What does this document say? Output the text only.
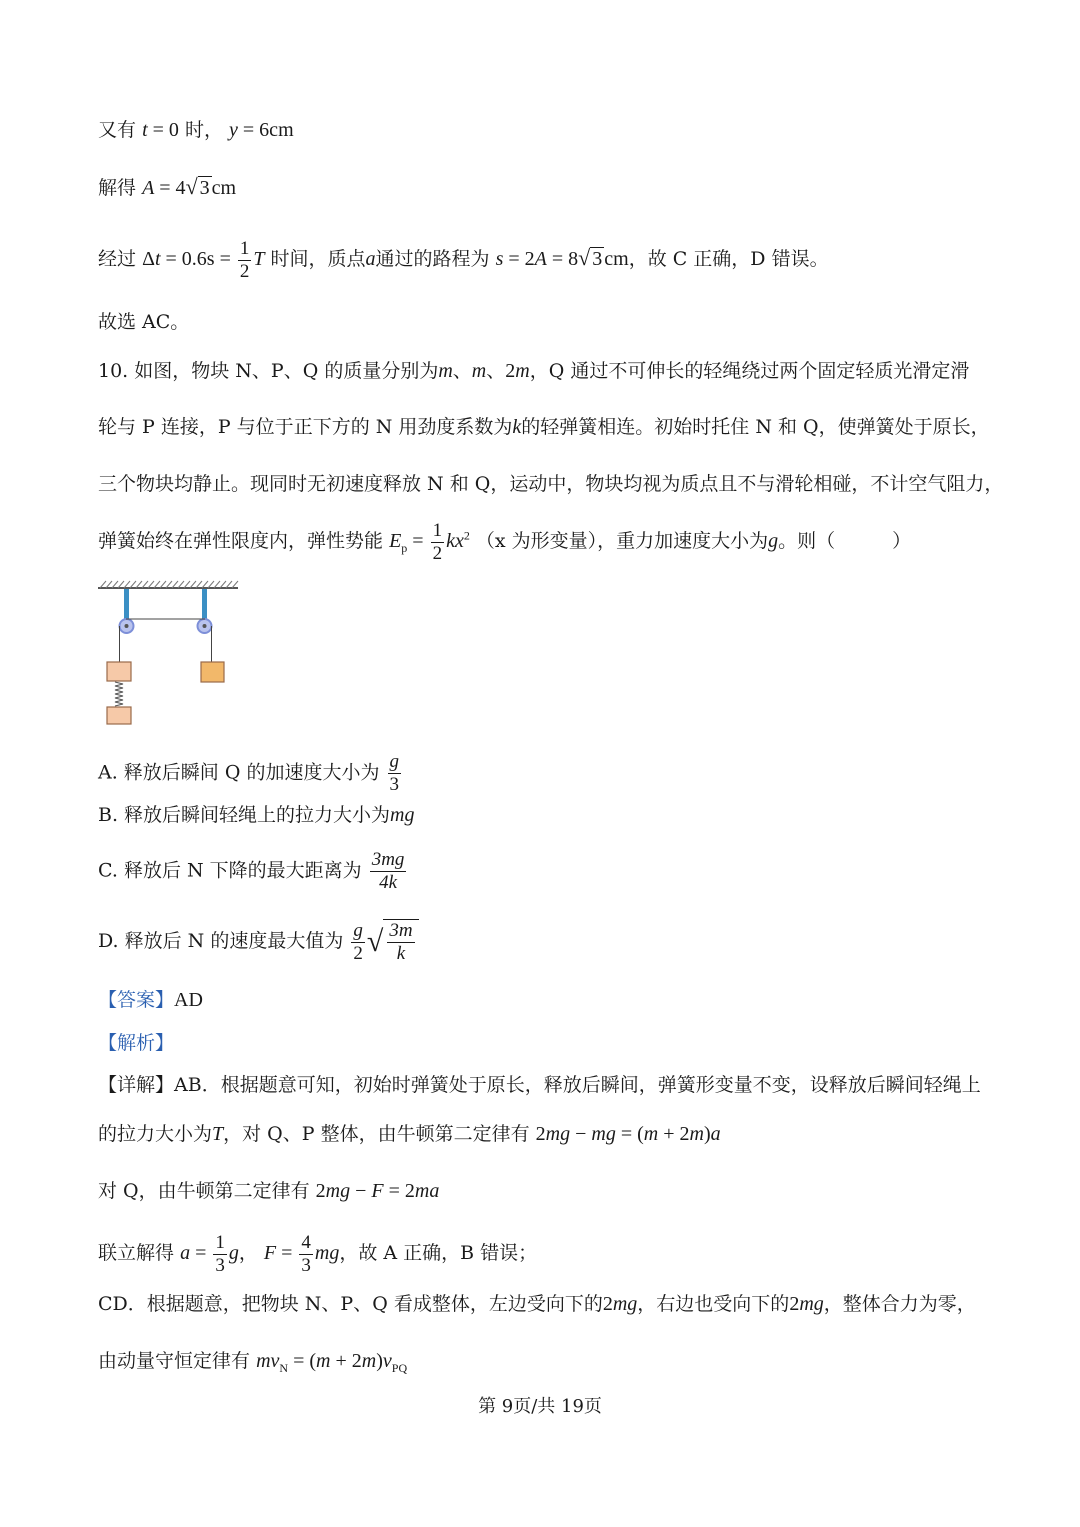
又有 t = 0 时， y = 6cm
解得 A = 4√ 3 cm
经过 $\Delta t = 0.6s = \frac{1}{2}$ T 时间，质点a通过的路程为 s = 2A = 8√ 3 cm，故 C 正确，D 错误。
故选 AC。
10. 如图，物块 N、P、Q 的质量分别为m、m、2m，Q 通过不可伸长的轻绳绕过两个固定轻质光滑定滑
轮与 P 连接，P 与位于正下方的 N 用劲度系数为k的轻弹簧相连。初始时托住 N 和 Q，使弹簧处于原长，
三个物块均静止。现同时无初速度释放 N 和 Q，运动中，物块均视为质点且不与滑轮相碰，不计空气阻力，
弹簧始终在弹性限度内，弹性势能 $E_p = \frac{1}{2} kx^2$ （x 为形变量），重力加速度大小为g。则（　　　）
A. 释放后瞬间 Q 的加速度大小为 $\frac{g}{3}$
B. 释放后瞬间轻绳上的拉力大小为mg
C. 释放后 N 下降的最大距离为 $\frac{3mg}{4k}$
D. 释放后 N 的速度最大值为 $\frac{g}{2}$ √ $\frac{3m}{k}$
【答案】AD
【解析】
【详解】AB．根据题意可知，初始时弹簧处于原长，释放后瞬间，弹簧形变量不变，设释放后瞬间轻绳上
的拉力大小为T，对 Q、P 整体，由牛顿第二定律有 2mg − mg = (m + 2m)a
对 Q，由牛顿第二定律有 2mg − F = 2ma
联立解得 $a = \frac{1}{3}$ g， $F = \frac{4}{3}$ mg，故 A 正确，B 错误；
CD．根据题意，把物块 N、P、Q 看成整体，左边受向下的2mg，右边也受向下的2mg，整体合力为零，
由动量守恒定律有 $mv_N = (m + 2m)v_{PQ}$
第 9页/共 19页
